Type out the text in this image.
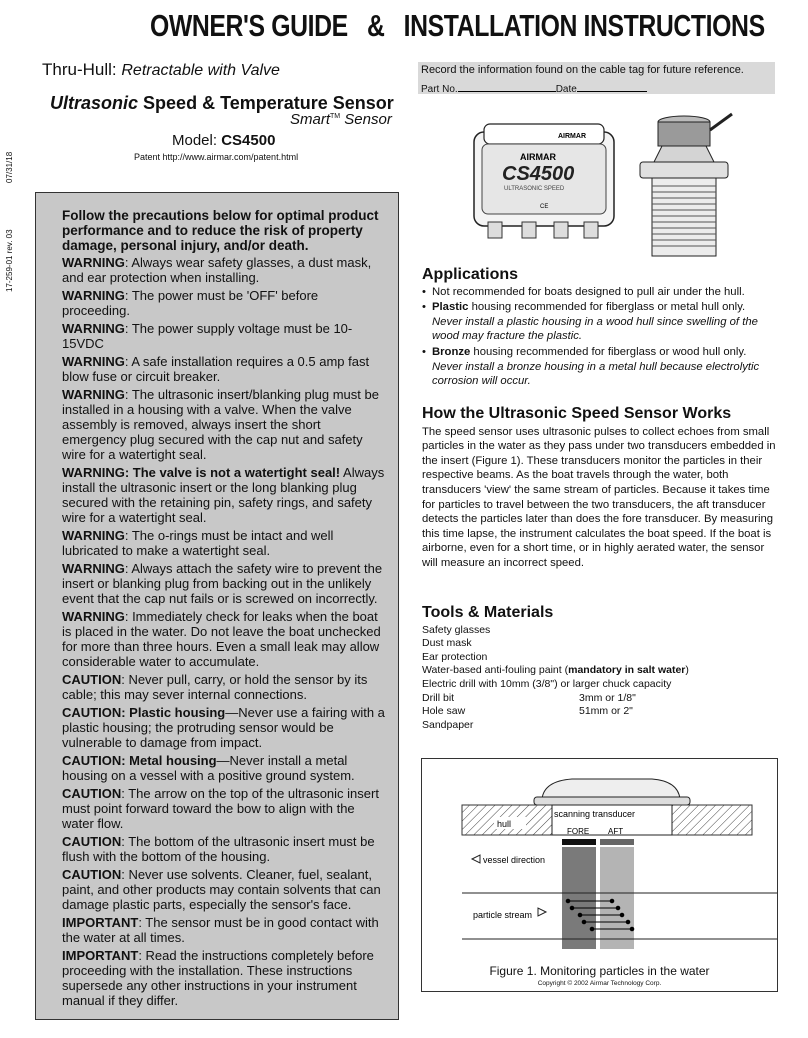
OWNER'S GUIDE & INSTALLATION INSTRUCTIONS
Thru-Hull: Retractable with Valve
Ultrasonic Speed & Temperature Sensor
Smart™ Sensor
Model: CS4500
Patent http://www.airmar.com/patent.html
07/31/18
17-259-01 rev. 03

Follow the precautions below for optimal product performance and to reduce the risk of property damage, personal injury, and/or death.

WARNING: Always wear safety glasses, a dust mask, and ear protection when installing.

WARNING: The power must be 'OFF' before proceeding.

WARNING: The power supply voltage must be 10-15VDC

WARNING: A safe installation requires a 0.5 amp fast blow fuse or circuit breaker.

WARNING: The ultrasonic insert/blanking plug must be installed in a housing with a valve. When the valve assembly is removed, always insert the short emergency plug secured with the cap nut and safety wire for a watertight seal.

WARNING: The valve is not a watertight seal! Always install the ultrasonic insert or the long blanking plug secured with the retaining pin, safety rings, and safety wire for a watertight seal.

WARNING: The o-rings must be intact and well lubricated to make a watertight seal.

WARNING: Always attach the safety wire to prevent the insert or blanking plug from backing out in the unlikely event that the cap nut fails or is screwed on incorrectly.

WARNING: Immediately check for leaks when the boat is placed in the water. Do not leave the boat unchecked for more than three hours. Even a small leak may allow considerable water to accumulate.

CAUTION: Never pull, carry, or hold the sensor by its cable; this may sever internal connections.

CAUTION: Plastic housing—Never use a fairing with a plastic housing; the protruding sensor would be vulnerable to damage from impact.

CAUTION: Metal housing—Never install a metal housing on a vessel with a positive ground system.

CAUTION: The arrow on the top of the ultrasonic insert must point forward toward the bow to align with the water flow.

CAUTION: The bottom of the ultrasonic insert must be flush with the bottom of the housing.

CAUTION: Never use solvents. Cleaner, fuel, sealant, paint, and other products may contain solvents that can damage plastic parts, especially the sensor's face.

IMPORTANT: The sensor must be in good contact with the water at all times.

IMPORTANT: Read the instructions completely before proceeding with the installation. These instructions supersede any other instructions in your instrument manual if they differ.

Record the information found on the cable tag for future reference.
Part No.	Date
AIRMAR
AIRMAR
CS4500
ULTRASONIC SPEED
CE
Applications
• Not recommended for boats designed to pull air under the hull.
• Plastic housing recommended for fiberglass or metal hull only. Never install a plastic housing in a wood hull since swelling of the wood may fracture the plastic.
• Bronze housing recommended for fiberglass or wood hull only. Never install a bronze housing in a metal hull because electrolytic corrosion will occur.
How the Ultrasonic Speed Sensor Works
The speed sensor uses ultrasonic pulses to collect echoes from small particles in the water as they pass under two transducers embedded in the insert (Figure 1). These transducers monitor the particles in their respective beams. As the boat travels through the water, both transducers 'view' the same stream of particles. Because it takes time for particles to travel between the two transducers, the aft transducer detects the particles later than does the fore transducer. By measuring this time lapse, the instrument calculates the boat speed. If the boat is airborne, even for a short time, or in highly aerated water, the sensor will measure an incorrect speed.
Tools & Materials
Safety glasses
Dust mask
Ear protection
Water-based anti-fouling paint (mandatory in salt water)
Electric drill with 10mm (3/8") or larger chuck capacity
Drill bit	3mm or 1/8"
Hole saw	51mm or 2"
Sandpaper
hull
scanning transducer
FORE AFT
vessel direction
particle stream
Figure 1. Monitoring particles in the water
Copyright © 2002 Airmar Technology Corp.
